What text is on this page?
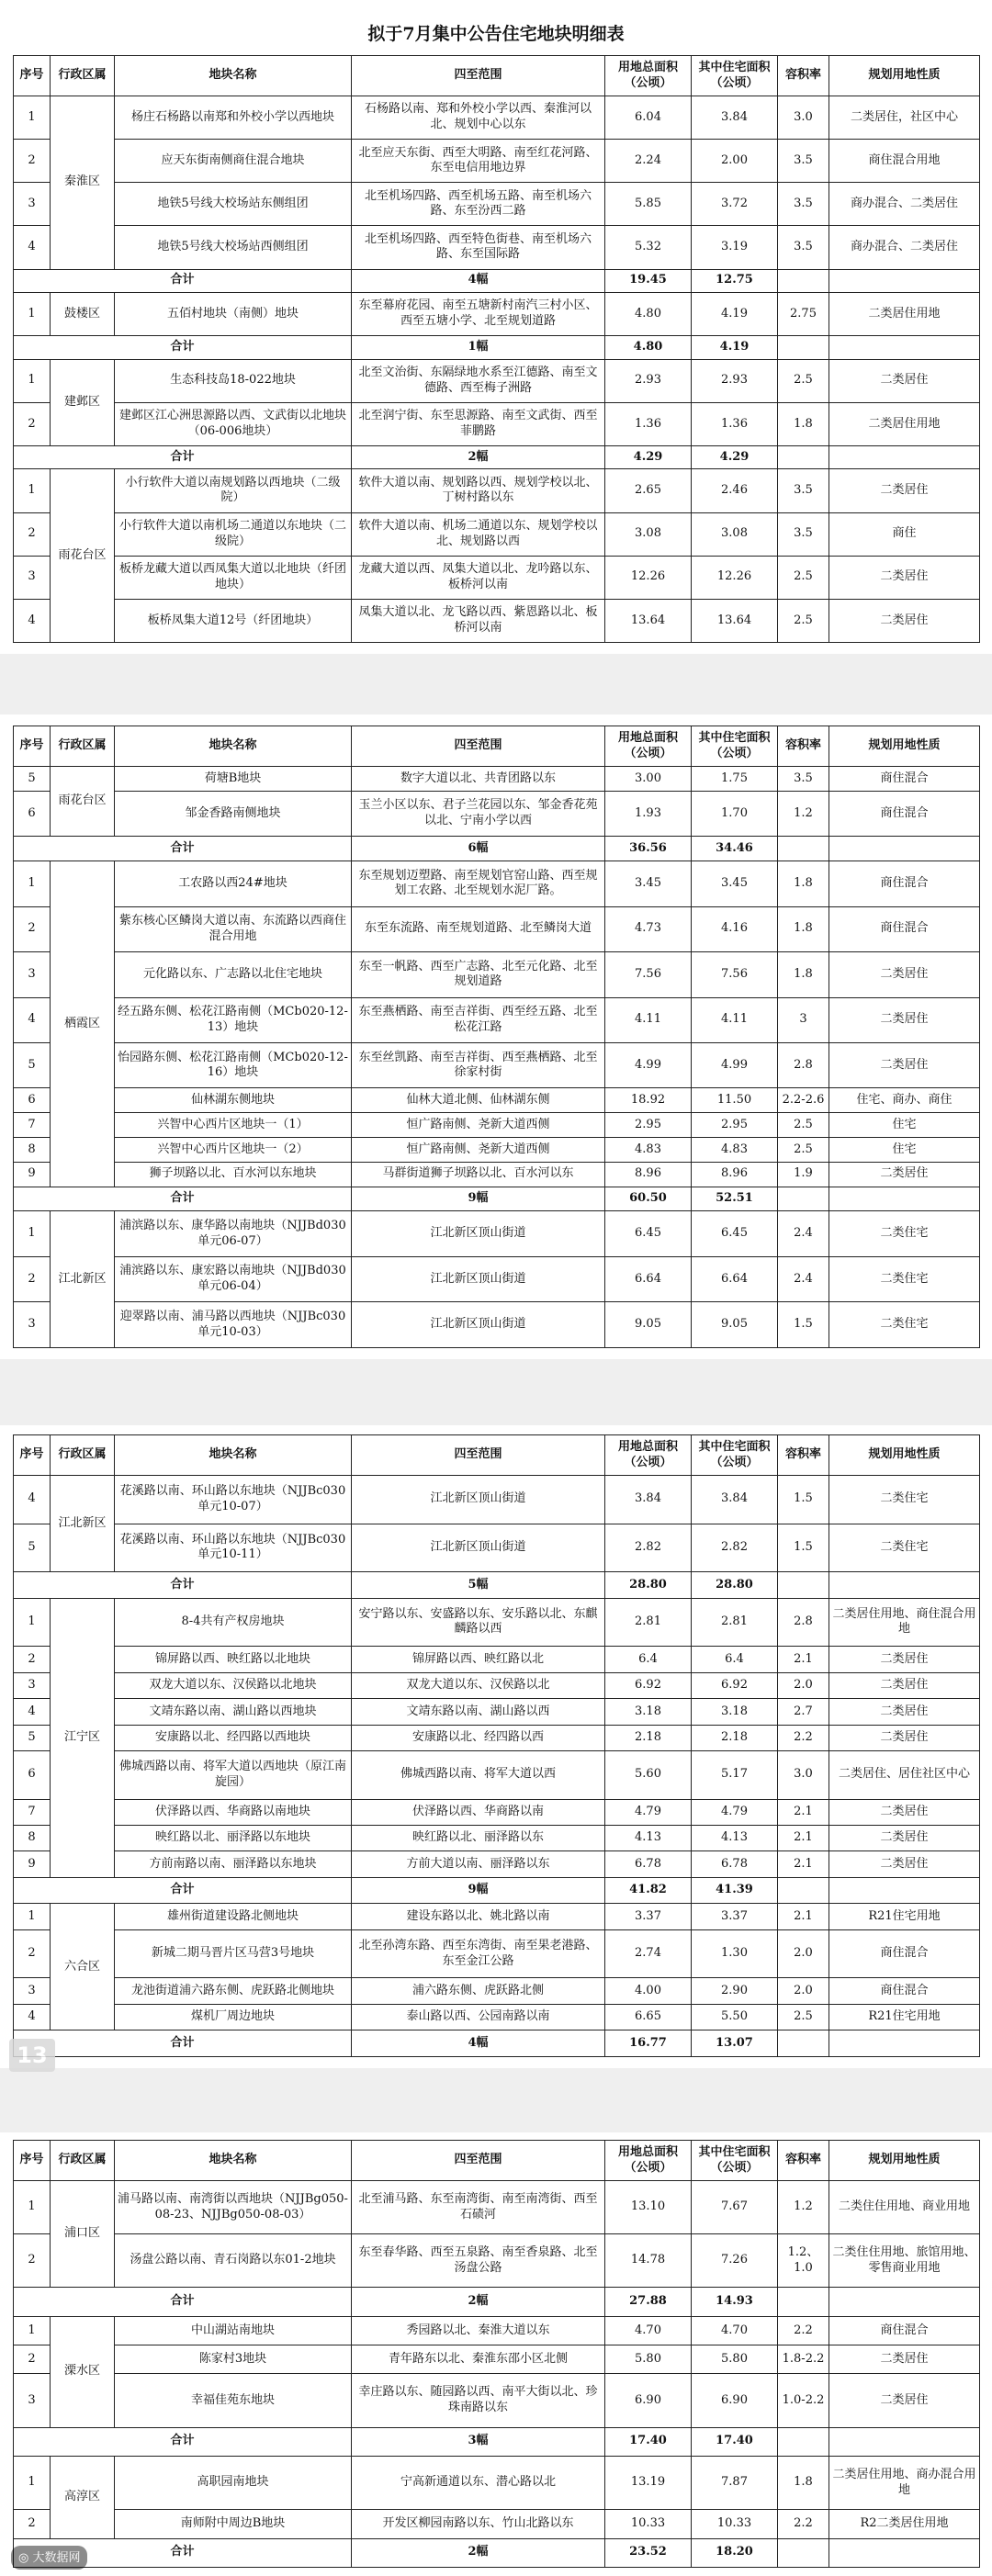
拟于7月集中公告住宅地块明细表
序号	行政区属	地块名称	四至范围	用地总面积（公顷）	其中住宅面积（公顷）	容积率	规划用地性质
1	秦淮区	杨庄石杨路以南郑和外校小学以西地块	石杨路以南、郑和外校小学以西、秦淮河以北、规划中心以东	6.04	3.84	3.0	二类居住，社区中心
2		应天东街南侧商住混合地块	北至应天东街、西至大明路、南至红花河路、东至电信用地边界	2.24	2.00	3.5	商住混合用地
3		地铁5号线大校场站东侧组团	北至机场四路、西至机场五路、南至机场六路、东至汾西二路	5.85	3.72	3.5	商办混合、二类居住
4		地铁5号线大校场站西侧组团	北至机场四路、西至特色街巷、南至机场六路、东至国际路	5.32	3.19	3.5	商办混合、二类居住
合计			4幅	19.45	12.75		
1	鼓楼区	五佰村地块（南侧）地块	东至幕府花园、南至五塘新村南汽三村小区、西至五塘小学、北至规划道路	4.80	4.19	2.75	二类居住用地
合计			1幅	4.80	4.19		
1	建邺区	生态科技岛18-022地块	北至文治街、东隔绿地水系至江德路、南至文德路、西至梅子洲路	2.93	2.93	2.5	二类居住
2		建邺区江心洲思源路以西、文武街以北地块（06-006地块）	北至润宁街、东至思源路、南至文武街、西至菲鹏路	1.36	1.36	1.8	二类居住用地
合计			2幅	4.29	4.29		
1	雨花台区	小行软件大道以南规划路以西地块（二级院）	软件大道以南、规划路以西、规划学校以北、丁树村路以东	2.65	2.46	3.5	二类居住
2		小行软件大道以南机场二通道以东地块（二级院）	软件大道以南、机场二通道以东、规划学校以北、规划路以西	3.08	3.08	3.5	商住
3		板桥龙藏大道以西凤集大道以北地块（纤团地块）	龙藏大道以西、凤集大道以北、龙吟路以东、板桥河以南	12.26	12.26	2.5	二类居住
4		板桥凤集大道12号（纤团地块）	凤集大道以北、龙飞路以西、紫恩路以北、板桥河以南	13.64	13.64	2.5	二类居住
序号	行政区属	地块名称	四至范围	用地总面积（公顷）	其中住宅面积（公顷）	容积率	规划用地性质
5	雨花台区	荷塘B地块	数字大道以北、共青团路以东	3.00	1.75	3.5	商住混合
6		邹金香路南侧地块	玉兰小区以东、君子兰花园以东、邹金香花苑以北、宁南小学以西	1.93	1.70	1.2	商住混合
合计			6幅	36.56	34.46		
1	栖霞区	工农路以西24#地块	东至规划迈塑路、南至规划官窑山路、西至规划工农路、北至规划水泥厂路。	3.45	3.45	1.8	商住混合
2		紫东核心区鳞岗大道以南、东流路以西商住混合用地	东至东流路、南至规划道路、北至鳞岗大道	4.73	4.16	1.8	商住混合
3		元化路以东、广志路以北住宅地块	东至一帆路、西至广志路、北至元化路、北至规划道路	7.56	7.56	1.8	二类居住
4		经五路东侧、松花江路南侧（MCb020-12-13）地块	东至燕栖路、南至吉祥街、西至经五路、北至松花江路	4.11	4.11	3	二类居住
5		怡园路东侧、松花江路南侧（MCb020-12-16）地块	东至丝凯路、南至吉祥街、西至燕栖路、北至徐家村街	4.99	4.99	2.8	二类居住
6		仙林湖东侧地块	仙林大道北侧、仙林湖东侧	18.92	11.50	2.2-2.6	住宅、商办、商住
7		兴智中心西片区地块一（1）	恒广路南侧、尧新大道西侧	2.95	2.95	2.5	住宅
8		兴智中心西片区地块一（2）	恒广路南侧、尧新大道西侧	4.83	4.83	2.5	住宅
9		狮子坝路以北、百水河以东地块	马群街道狮子坝路以北、百水河以东	8.96	8.96	1.9	二类居住
合计			9幅	60.50	52.51		
1	江北新区	浦滨路以东、康华路以南地块（NJJBd030单元06-07）	江北新区顶山街道	6.45	6.45	2.4	二类住宅
2		浦滨路以东、康宏路以南地块（NJJBd030单元06-04）	江北新区顶山街道	6.64	6.64	2.4	二类住宅
3		迎翠路以南、浦马路以西地块（NJJBc030单元10-03）	江北新区顶山街道	9.05	9.05	1.5	二类住宅
序号	行政区属	地块名称	四至范围	用地总面积（公顷）	其中住宅面积（公顷）	容积率	规划用地性质
4	江北新区	花溪路以南、环山路以东地块（NJJBc030单元10-07）	江北新区顶山街道	3.84	3.84	1.5	二类住宅
5		花溪路以南、环山路以东地块（NJJBc030单元10-11）	江北新区顶山街道	2.82	2.82	1.5	二类住宅
合计			5幅	28.80	28.80		
1	江宁区	8-4共有产权房地块	安宁路以东、安盛路以东、安乐路以北、东麒麟路以西	2.81	2.81	2.8	二类居住用地、商住混合用地
2		锦屏路以西、映红路以北地块	锦屏路以西、映红路以北	6.4	6.4	2.1	二类居住
3		双龙大道以东、汉侯路以北地块	双龙大道以东、汉侯路以北	6.92	6.92	2.0	二类居住
4		文靖东路以南、湖山路以西地块	文靖东路以南、湖山路以西	3.18	3.18	2.7	二类居住
5		安康路以北、经四路以西地块	安康路以北、经四路以西	2.18	2.18	2.2	二类居住
6		佛城西路以南、将军大道以西地块（原江南旋园）	佛城西路以南、将军大道以西	5.60	5.17	3.0	二类居住、居住社区中心
7		伏泽路以西、华商路以南地块	伏泽路以西、华商路以南	4.79	4.79	2.1	二类居住
8		映红路以北、丽泽路以东地块	映红路以北、丽泽路以东	4.13	4.13	2.1	二类居住
9		方前南路以南、丽泽路以东地块	方前大道以南、丽泽路以东	6.78	6.78	2.1	二类居住
合计			9幅	41.82	41.39		
1	六合区	雄州街道建设路北侧地块	建设东路以北、姚北路以南	3.37	3.37	2.1	R21住宅用地
2		新城二期马晋片区马营3号地块	北至孙湾东路、西至东湾街、南至果老港路、东至金江公路	2.74	1.30	2.0	商住混合
3		龙池街道浦六路东侧、虎跃路北侧地块	浦六路东侧、虎跃路北侧	4.00	2.90	2.0	商住混合
4		煤机厂周边地块	泰山路以西、公园南路以南	6.65	5.50	2.5	R21住宅用地
合计			4幅	16.77	13.07		
序号	行政区属	地块名称	四至范围	用地总面积（公顷）	其中住宅面积（公顷）	容积率	规划用地性质
1	浦口区	浦马路以南、南湾街以西地块（NJJBg050-08-23、NJJBg050-08-03）	北至浦马路、东至南湾街、南至南湾街、西至石碛河	13.10	7.67	1.2	二类住住用地、商业用地
2		汤盘公路以南、青石岗路以东01-2地块	东至春华路、西至五泉路、南至香泉路、北至汤盘公路	14.78	7.26	1.2、1.0	二类住住用地、旅馆用地、零售商业用地
合计			2幅	27.88	14.93		
1	溧水区	中山湖站南地块	秀园路以北、秦淮大道以东	4.70	4.70	2.2	商住混合
2		陈家村3地块	青年路东以北、秦淮东邵小区北侧	5.80	5.80	1.8-2.2	二类居住
3		幸福佳苑东地块	幸庄路以东、随园路以西、南平大街以北、珍珠南路以东	6.90	6.90	1.0-2.2	二类居住
合计			3幅	17.40	17.40		
1	高淳区	高职园南地块	宁高新通道以东、潜心路以北	13.19	7.87	1.8	二类居住用地、商办混合用地
2		南师附中周边B地块	开发区柳园南路以东、竹山北路以东	10.33	10.33	2.2	R2二类居住用地
合计			2幅	23.52	18.20		
13
◎ 大数据网
